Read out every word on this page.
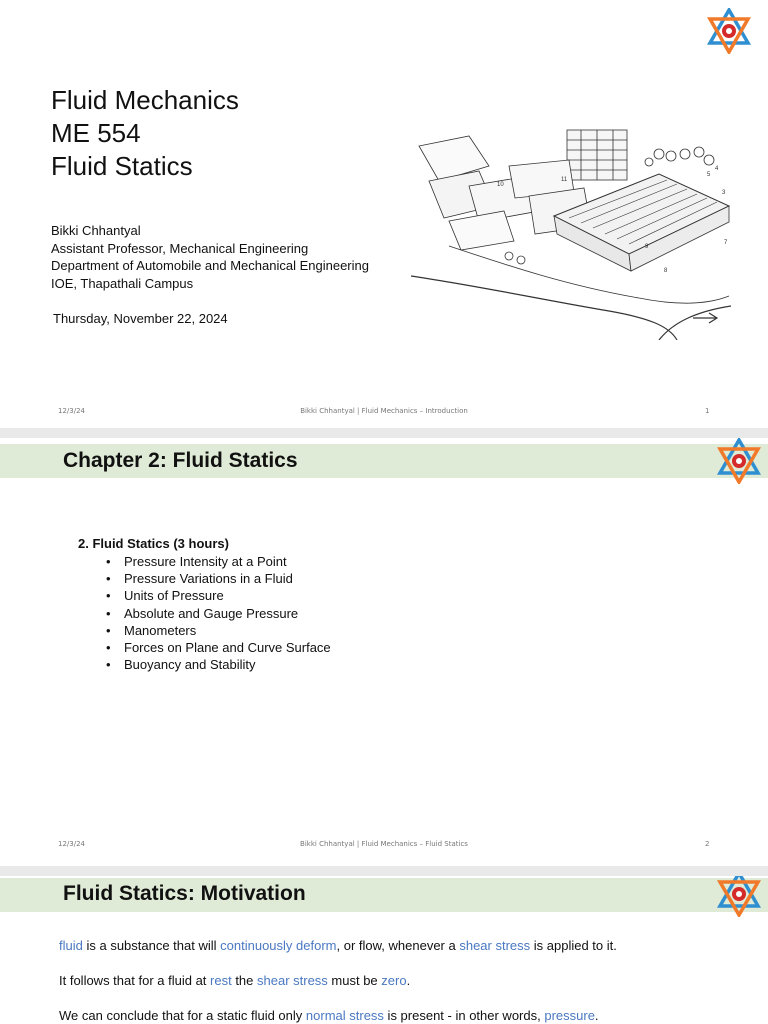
Fluid Mechanics
ME 554
Fluid Statics
Bikki Chhantyal
Assistant Professor, Mechanical Engineering
Department of Automobile and Mechanical Engineering
IOE, Thapathali Campus
Thursday, November 22, 2024
10
11
5
4
3
7
8
9
12/3/24	Bikki Chhantyal | Fluid Mechanics – Introduction	1
Chapter 2: Fluid Statics
2. Fluid Statics (3 hours)
• Pressure Intensity at a Point
• Pressure Variations in a Fluid
• Units of Pressure
• Absolute and Gauge Pressure
• Manometers
• Forces on Plane and Curve Surface
• Buoyancy and Stability
12/3/24	Bikki Chhantyal | Fluid Mechanics – Fluid Statics	2
Fluid Statics: Motivation
fluid is a substance that will continuously deform, or flow, whenever a shear stress is applied to it.
It follows that for a fluid at rest the shear stress must be zero.
We can conclude that for a static fluid only normal stress is present - in other words, pressure.
